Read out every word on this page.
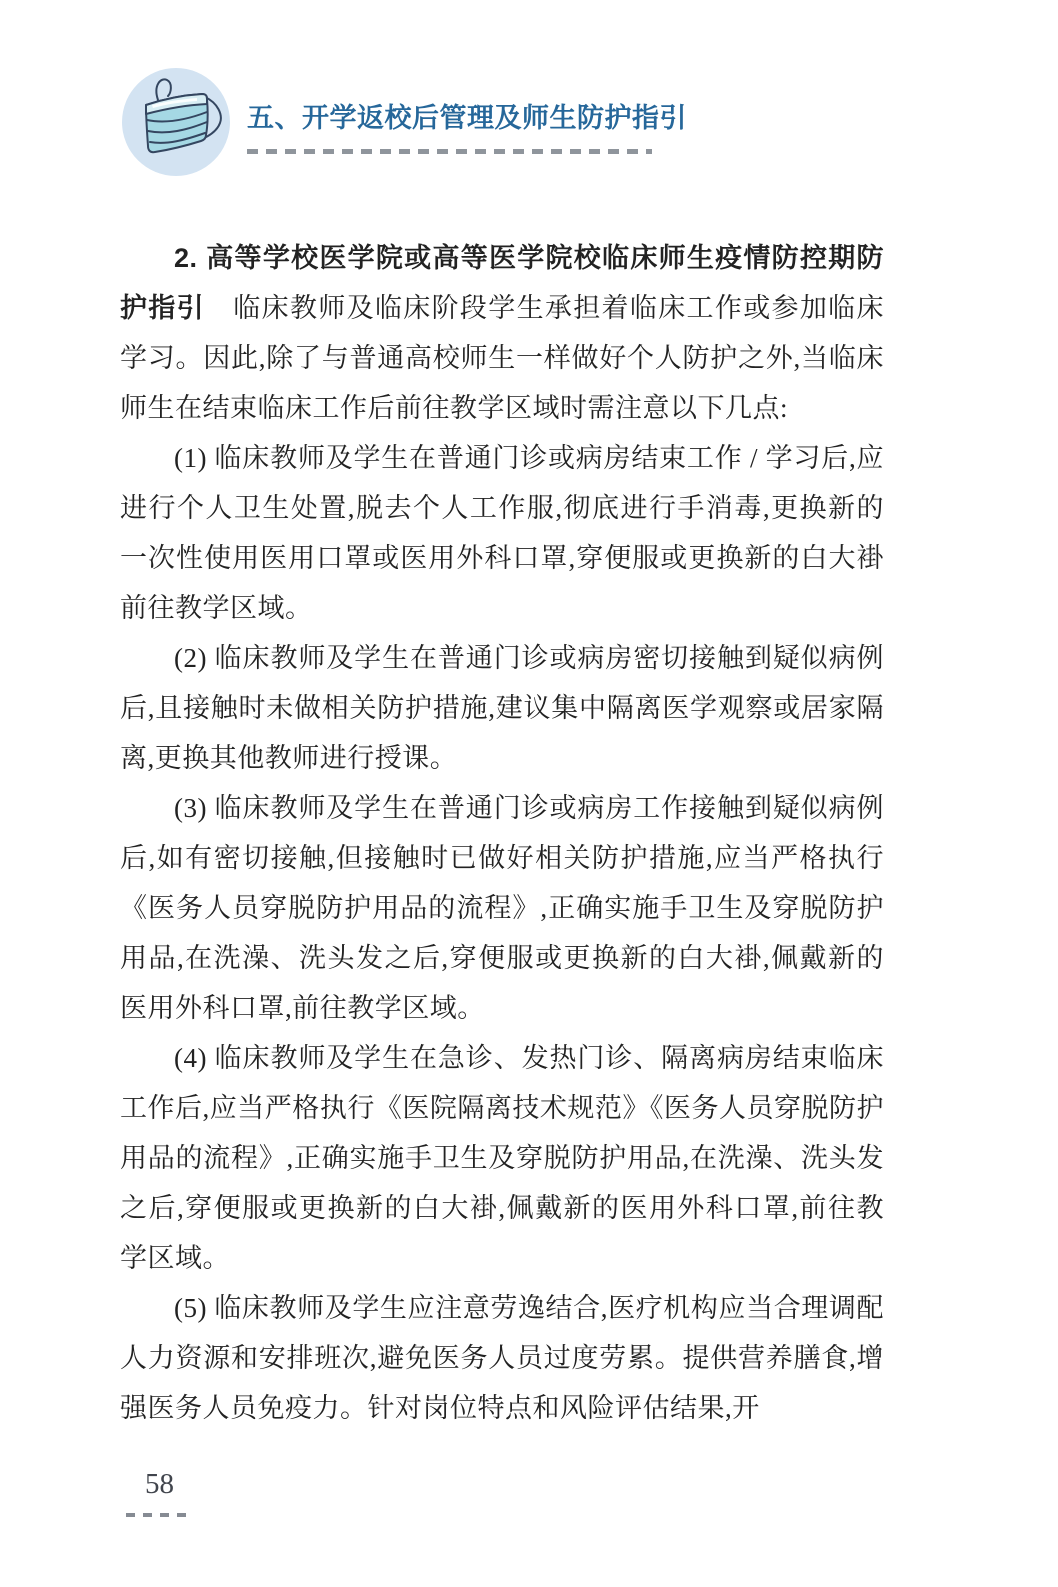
五、开学返校后管理及师生防护指引

2. 高等学校医学院或高等医学院校临床师生疫情防控期防护指引　临床教师及临床阶段学生承担着临床工作或参加临床学习。因此,除了与普通高校师生一样做好个人防护之外,当临床师生在结束临床工作后前往教学区域时需注意以下几点:

(1) 临床教师及学生在普通门诊或病房结束工作 / 学习后,应进行个人卫生处置,脱去个人工作服,彻底进行手消毒,更换新的一次性使用医用口罩或医用外科口罩,穿便服或更换新的白大褂前往教学区域。

(2) 临床教师及学生在普通门诊或病房密切接触到疑似病例后,且接触时未做相关防护措施,建议集中隔离医学观察或居家隔离,更换其他教师进行授课。

(3) 临床教师及学生在普通门诊或病房工作接触到疑似病例后,如有密切接触,但接触时已做好相关防护措施,应当严格执行《医务人员穿脱防护用品的流程》,正确实施手卫生及穿脱防护用品,在洗澡、洗头发之后,穿便服或更换新的白大褂,佩戴新的医用外科口罩,前往教学区域。

(4) 临床教师及学生在急诊、发热门诊、隔离病房结束临床工作后,应当严格执行《医院隔离技术规范》《医务人员穿脱防护用品的流程》,正确实施手卫生及穿脱防护用品,在洗澡、洗头发之后,穿便服或更换新的白大褂,佩戴新的医用外科口罩,前往教学区域。

(5) 临床教师及学生应注意劳逸结合,医疗机构应当合理调配人力资源和安排班次,避免医务人员过度劳累。提供营养膳食,增强医务人员免疫力。针对岗位特点和风险评估结果,开

58
